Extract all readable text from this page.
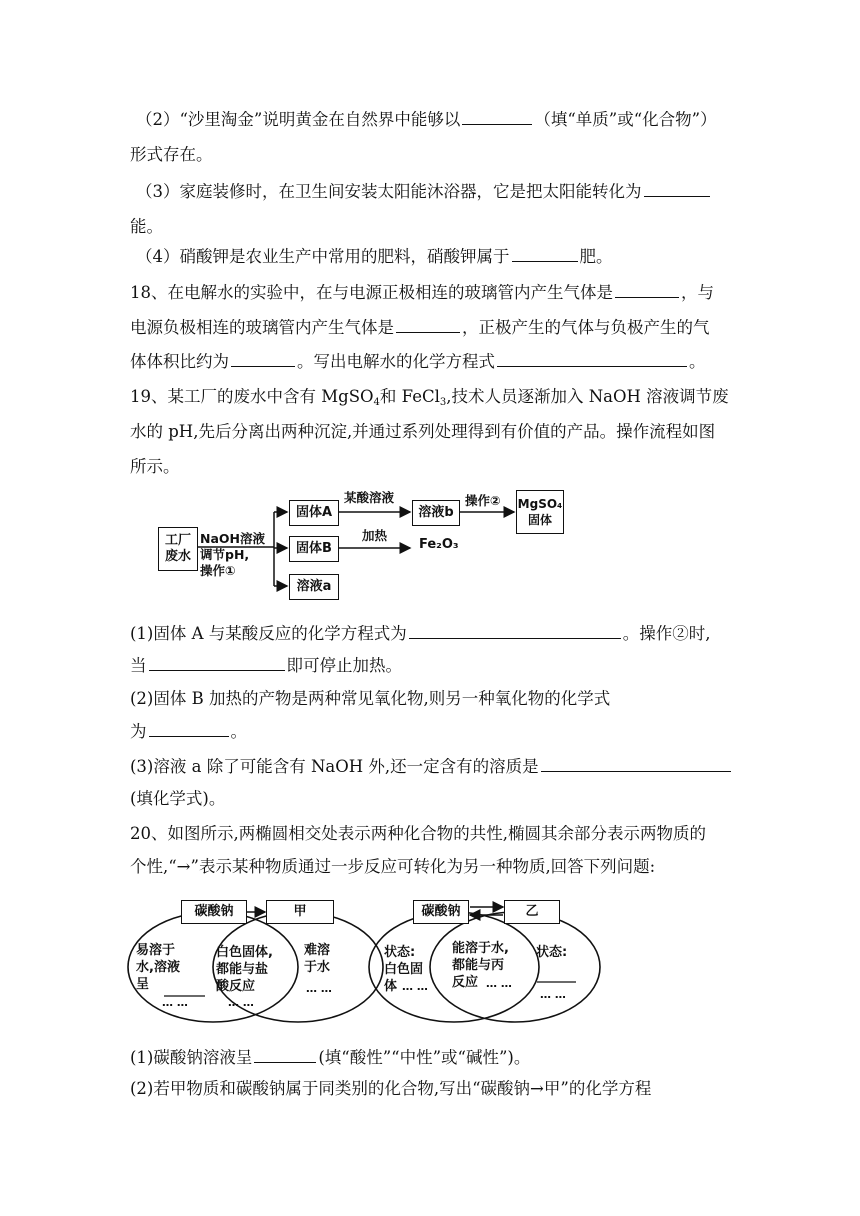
（2）“沙里淘金”说明黄金在自然界中能够以	（填“单质”或“化合物”）
形式存在。
（3）家庭装修时，在卫生间安装太阳能沐浴器，它是把太阳能转化为
能。
（4）硝酸钾是农业生产中常用的肥料，硝酸钾属于	肥。
18、在电解水的实验中，在与电源正极相连的玻璃管内产生气体是	，与
电源负极相连的玻璃管内产生气体是	，正极产生的气体与负极产生的气
体体积比约为	。写出电解水的化学方程式	。
19、某工厂的废水中含有 MgSO$_4$和 FeCl$_3$,技术人员逐渐加入 NaOH 溶液调节废
水的 pH,先后分离出两种沉淀,并通过系列处理得到有价值的产品。操作流程如图
所示。
工厂
废水
NaOH溶液
调节pH,
操作①
固体A
固体B
溶液a
某酸溶液
加热
溶液b
Fe₂O₃
操作② MgSO₄
固体
(1)固体 A 与某酸反应的化学方程式为	。操作②时,
当	即可停止加热。
(2)固体 B 加热的产物是两种常见氧化物,则另一种氧化物的化学式
为	。
(3)溶液 a 除了可能含有 NaOH 外,还一定含有的溶质是
(填化学式)。
20、如图所示,两椭圆相交处表示两种化合物的共性,椭圆其余部分表示两物质的
个性,“→”表示某种物质通过一步反应可转化为另一种物质,回答下列问题:
碳酸钠	甲
易溶于
水,溶液
呈
… …
白色固体,
都能与盐
酸反应
… …
难溶
于水
… …
碳酸钠	乙
状态:
白色固
体 … …
能溶于水,
都能与丙
反应 … …
状态:
… …
(1)碳酸钠溶液呈	(填“酸性”“中性”或“碱性”)。
(2)若甲物质和碳酸钠属于同类别的化合物,写出“碳酸钠→甲”的化学方程
